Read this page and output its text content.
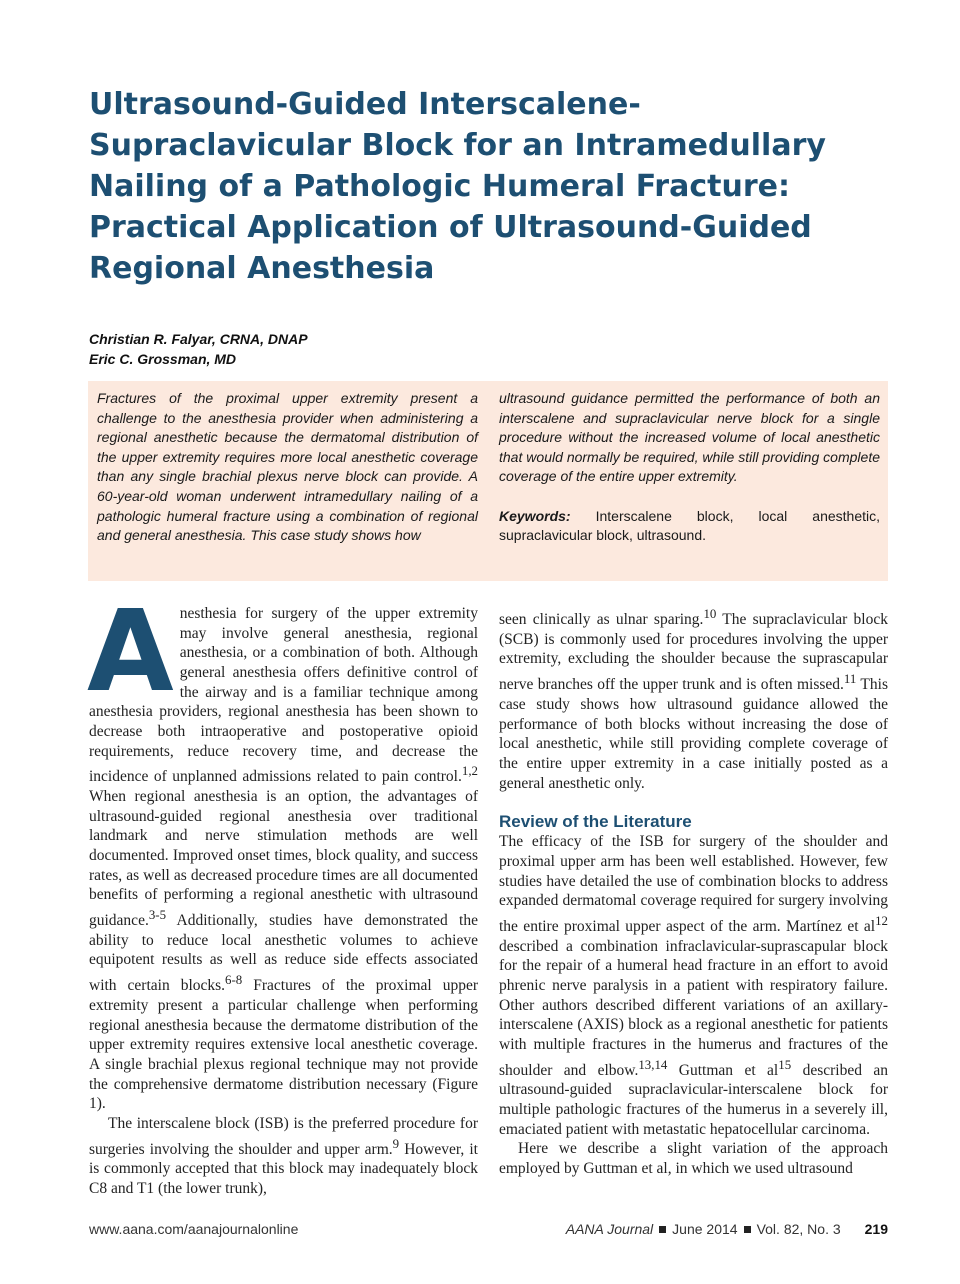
Ultrasound-Guided Interscalene-Supraclavicular Block for an Intramedullary Nailing of a Pathologic Humeral Fracture: Practical Application of Ultrasound-Guided Regional Anesthesia
Christian R. Falyar, CRNA, DNAP
Eric C. Grossman, MD
Fractures of the proximal upper extremity present a challenge to the anesthesia provider when administering a regional anesthetic because the dermatomal distribution of the upper extremity requires more local anesthetic coverage than any single brachial plexus nerve block can provide. A 60-year-old woman underwent intramedullary nailing of a pathologic humeral fracture using a combination of regional and general anesthesia. This case study shows how
ultrasound guidance permitted the performance of both an interscalene and supraclavicular nerve block for a single procedure without the increased volume of local anesthetic that would normally be required, while still providing complete coverage of the entire upper extremity.
Keywords: Interscalene block, local anesthetic, supraclavicular block, ultrasound.

Anesthesia for surgery of the upper extremity may involve general anesthesia, regional anesthesia, or a combination of both. Although general anesthesia offers definitive control of the airway and is a familiar technique among anesthesia providers, regional anesthesia has been shown to decrease both intraoperative and postoperative opioid requirements, reduce recovery time, and decrease the incidence of unplanned admissions related to pain control.$^{1,2}$ When regional anesthesia is an option, the advantages of ultrasound-guided regional anesthesia over traditional landmark and nerve stimulation methods are well documented. Improved onset times, block quality, and success rates, as well as decreased procedure times are all documented benefits of performing a regional anesthetic with ultrasound guidance.$^{3-5}$ Additionally, studies have demonstrated the ability to reduce local anesthetic volumes to achieve equipotent results as well as reduce side effects associated with certain blocks.$^{6-8}$ Fractures of the proximal upper extremity present a particular challenge when performing regional anesthesia because the dermatome distribution of the upper extremity requires extensive local anesthetic coverage. A single brachial plexus regional technique may not provide the comprehensive dermatome distribution necessary (Figure 1).

The interscalene block (ISB) is the preferred procedure for surgeries involving the shoulder and upper arm.$^9$ However, it is commonly accepted that this block may inadequately block C8 and T1 (the lower trunk),

seen clinically as ulnar sparing.$^{10}$ The supraclavicular block (SCB) is commonly used for procedures involving the upper extremity, excluding the shoulder because the suprascapular nerve branches off the upper trunk and is often missed.$^{11}$ This case study shows how ultrasound guidance allowed the performance of both blocks without increasing the dose of local anesthetic, while still providing complete coverage of the entire upper extremity in a case initially posted as a general anesthetic only.

Review of the Literature

The efficacy of the ISB for surgery of the shoulder and proximal upper arm has been well established. However, few studies have detailed the use of combination blocks to address expanded dermatomal coverage required for surgery involving the entire proximal upper aspect of the arm. Martínez et $al^{12}$ described a combination infraclavicular-suprascapular block for the repair of a humeral head fracture in an effort to avoid phrenic nerve paralysis in a patient with respiratory failure. Other authors described different variations of an axillary-interscalene (AXIS) block as a regional anesthetic for patients with multiple fractures in the humerus and fractures of the shoulder and elbow.$^{13,14}$ Guttman et $al^{15}$ described an ultrasound-guided supraclavicular-interscalene block for multiple pathologic fractures of the humerus in a severely ill, emaciated patient with metastatic hepatocellular carcinoma.

Here we describe a slight variation of the approach employed by Guttman et al, in which we used ultrasound

www.aana.com/aanajournalonline	AANA Journal June 2014 Vol. 82, No. 3 219
